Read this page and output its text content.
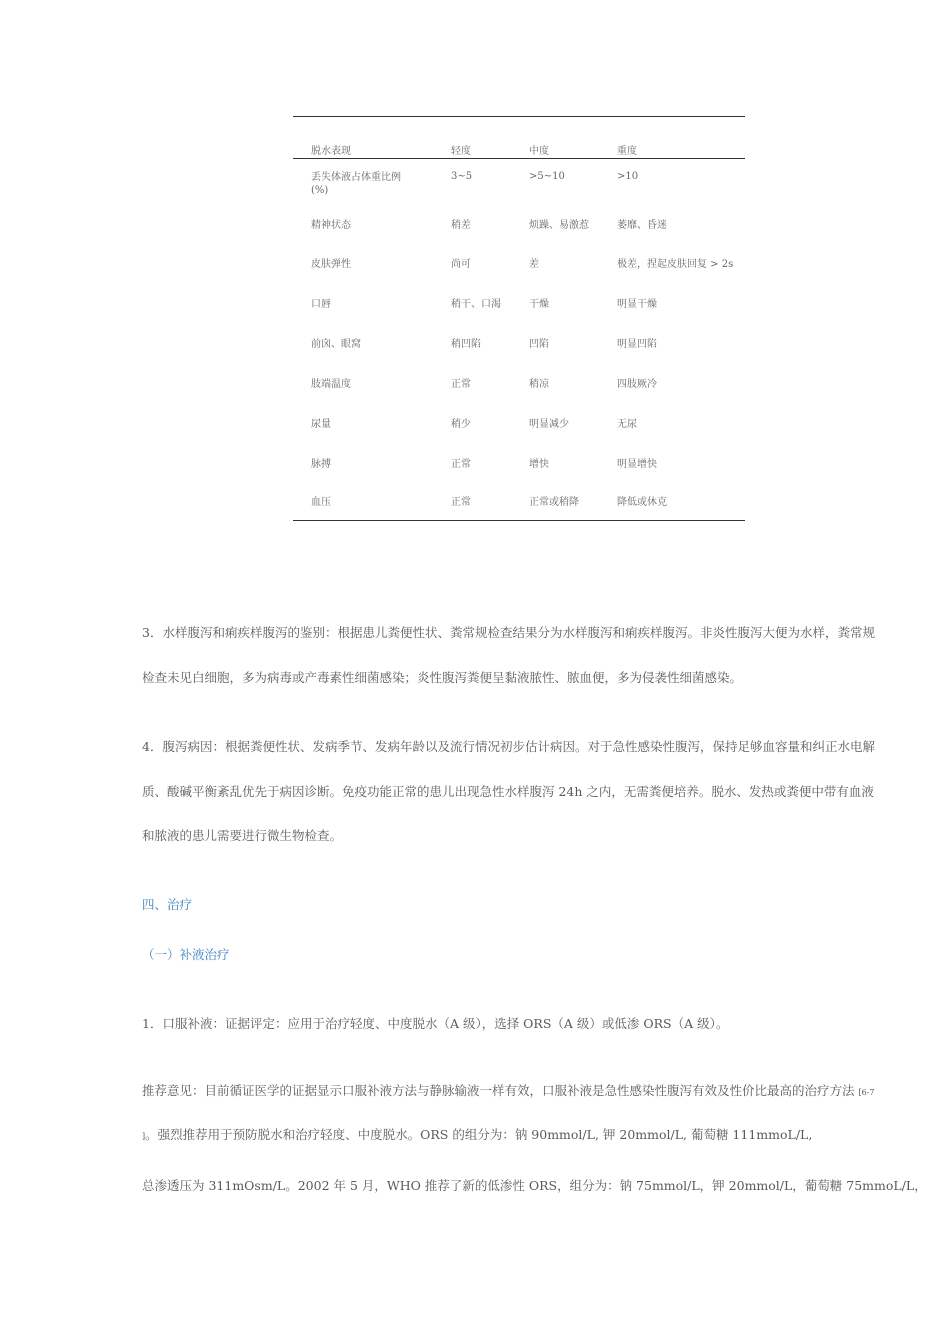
脱水表现	轻度	中度	重度
丢失体液占体重比例
(%)
3~5	>5~10	>10
精神状态	稍差	烦躁、易激惹	萎靡、昏迷
皮肤弹性	尚可	差	极差，捏起皮肤回复 > 2s
口唇	稍干、口渴	干燥	明显干燥
前囟、眼窝	稍凹陷	凹陷	明显凹陷
肢端温度	正常	稍凉	四肢厥冷
尿量	稍少	明显减少	无尿
脉搏	正常	增快	明显增快
血压	正常	正常或稍降	降低或休克
3．水样腹泻和痢疾样腹泻的鉴别：根据患儿粪便性状、粪常规检查结果分为水样腹泻和痢疾样腹泻。非炎性腹泻大便为水样，粪常规
检查未见白细胞，多为病毒或产毒素性细菌感染；炎性腹泻粪便呈黏液脓性、脓血便，多为侵袭性细菌感染。
4．腹泻病因：根据粪便性状、发病季节、发病年龄以及流行情况初步估计病因。对于急性感染性腹泻，保持足够血容量和纠正水电解
质、酸碱平衡紊乱优先于病因诊断。免疫功能正常的患儿出现急性水样腹泻 24h 之内，无需粪便培养。脱水、发热或粪便中带有血液
和脓液的患儿需要进行微生物检查。
四、治疗
（一）补液治疗
1．口服补液：证据评定：应用于治疗轻度、中度脱水（A 级），选择 ORS（A 级）或低渗 ORS（A 级）。
推荐意见：目前循证医学的证据显示口服补液方法与静脉输液一样有效，口服补液是急性感染性腹泻有效及性价比最高的治疗方法 [6-7
]。强烈推荐用于预防脱水和治疗轻度、中度脱水。ORS 的组分为：钠 90mmol/L, 钾 20mmol/L, 葡萄糖 111mmoL/L,
总渗透压为 311mOsm/L。2002 年 5 月，WHO 推荐了新的低渗性 ORS，组分为：钠 75mmol/L，钾 20mmol/L，葡萄糖 75mmoL/L，
